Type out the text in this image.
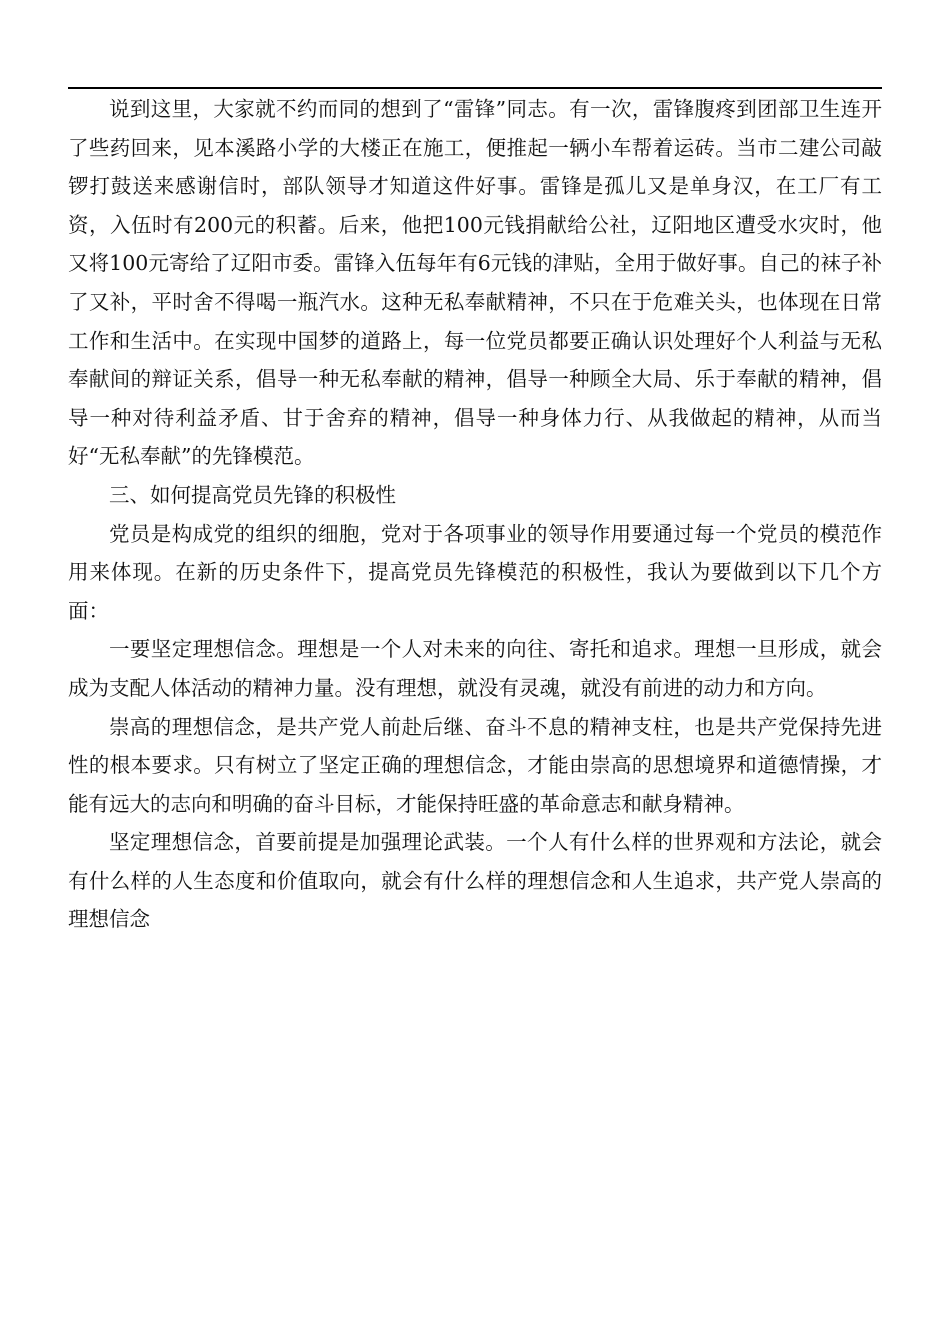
说到这里，大家就不约而同的想到了“雷锋”同志。有一次，雷锋腹疼到团部卫生连开了些药回来，见本溪路小学的大楼正在施工，便推起一辆小车帮着运砖。当市二建公司敲锣打鼓送来感谢信时，部队领导才知道这件好事。雷锋是孤儿又是单身汉，在工厂有工资，入伍时有200元的积蓄。后来，他把100元钱捐献给公社，辽阳地区遭受水灾时，他又将100元寄给了辽阳市委。雷锋入伍每年有6元钱的津贴，全用于做好事。自己的袜子补了又补，平时舍不得喝一瓶汽水。这种无私奉献精神，不只在于危难关头，也体现在日常工作和生活中。在实现中国梦的道路上，每一位党员都要正确认识处理好个人利益与无私奉献间的辩证关系，倡导一种无私奉献的精神，倡导一种顾全大局、乐于奉献的精神，倡导一种对待利益矛盾、甘于舍弃的精神，倡导一种身体力行、从我做起的精神，从而当好“无私奉献”的先锋模范。

三、如何提高党员先锋的积极性

党员是构成党的组织的细胞，党对于各项事业的领导作用要通过每一个党员的模范作用来体现。在新的历史条件下，提高党员先锋模范的积极性，我认为要做到以下几个方面：

一要坚定理想信念。理想是一个人对未来的向往、寄托和追求。理想一旦形成，就会成为支配人体活动的精神力量。没有理想，就没有灵魂，就没有前进的动力和方向。

崇高的理想信念，是共产党人前赴后继、奋斗不息的精神支柱，也是共产党保持先进性的根本要求。只有树立了坚定正确的理想信念，才能由崇高的思想境界和道德情操，才能有远大的志向和明确的奋斗目标，才能保持旺盛的革命意志和献身精神。

坚定理想信念，首要前提是加强理论武装。一个人有什么样的世界观和方法论，就会有什么样的人生态度和价值取向，就会有什么样的理想信念和人生追求，共产党人崇高的理想信念
